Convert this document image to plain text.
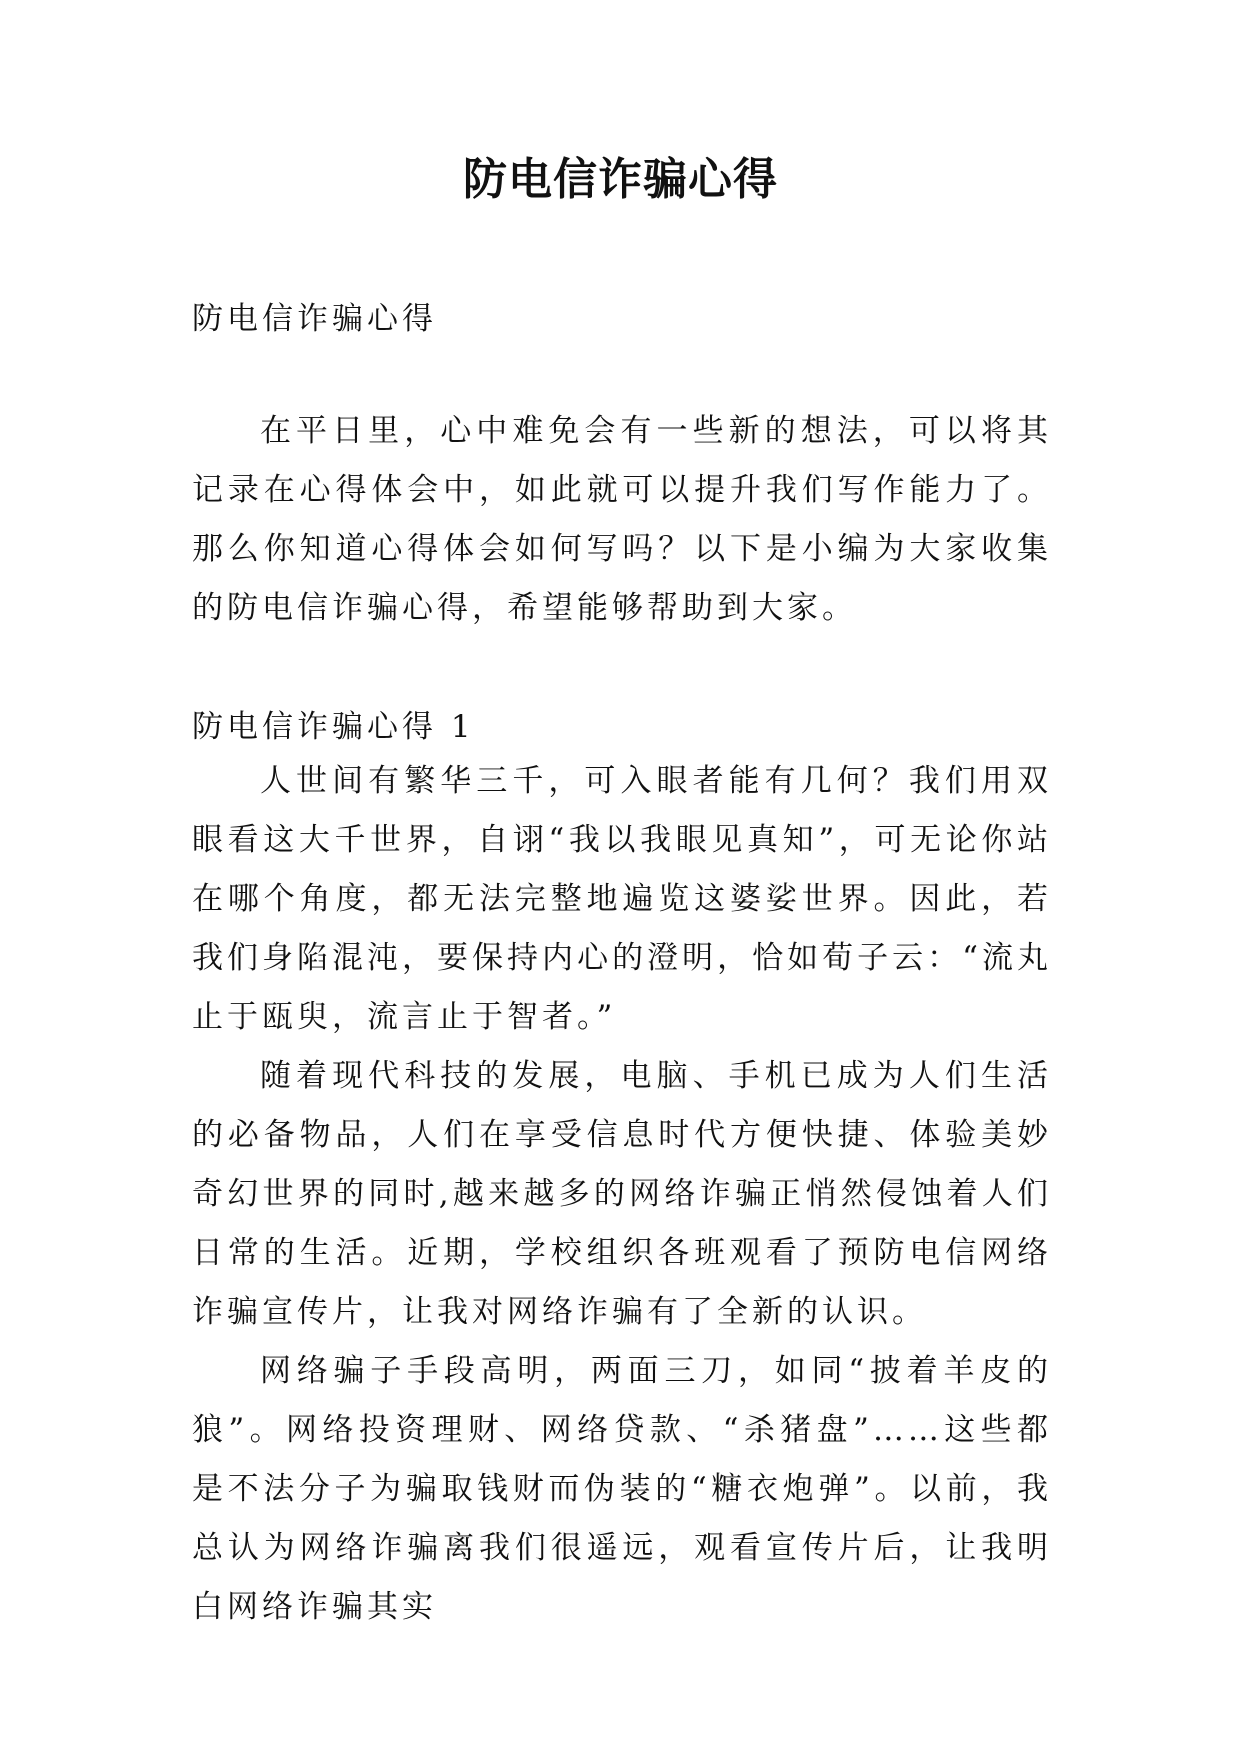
防电信诈骗心得

防电信诈骗心得

在平日里，心中难免会有一些新的想法，可以将其记录在心得体会中，如此就可以提升我们写作能力了。那么你知道心得体会如何写吗？以下是小编为大家收集的防电信诈骗心得，希望能够帮助到大家。

防电信诈骗心得 1

人世间有繁华三千，可入眼者能有几何？我们用双眼看这大千世界，自诩“我以我眼见真知”，可无论你站在哪个角度，都无法完整地遍览这婆娑世界。因此，若我们身陷混沌，要保持内心的澄明，恰如荀子云：“流丸止于瓯臾，流言止于智者。”

随着现代科技的发展，电脑、手机已成为人们生活的必备物品，人们在享受信息时代方便快捷、体验美妙奇幻世界的同时,越来越多的网络诈骗正悄然侵蚀着人们日常的生活。近期，学校组织各班观看了预防电信网络诈骗宣传片，让我对网络诈骗有了全新的认识。

网络骗子手段高明，两面三刀，如同“披着羊皮的狼”。网络投资理财、网络贷款、“杀猪盘”……这些都是不法分子为骗取钱财而伪装的“糖衣炮弹”。以前，我总认为网络诈骗离我们很遥远，观看宣传片后，让我明白网络诈骗其实
